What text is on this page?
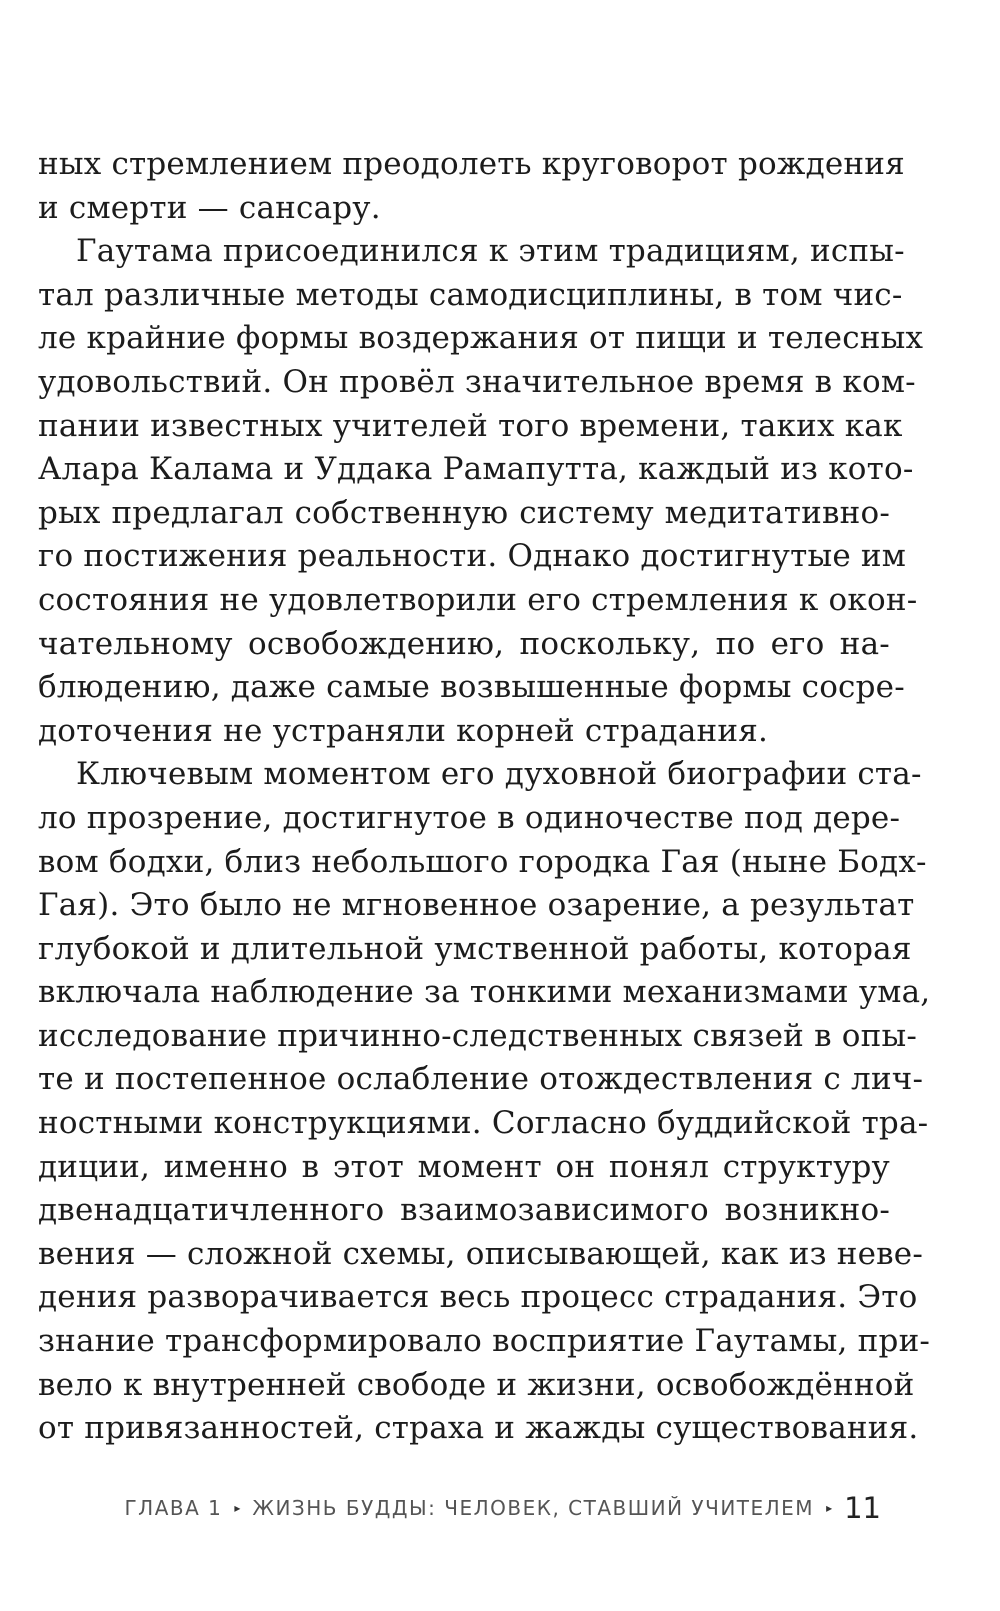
ных стремлением преодолеть круговорот рождения
и смерти — сансару.
Гаутама присоединился к этим традициям, испы-
тал различные методы самодисциплины, в том чис-
ле крайние формы воздержания от пищи и телесных
удовольствий. Он провёл значительное время в ком-
пании известных учителей того времени, таких как
Алара Калама и Уддака Рамапутта, каждый из кото-
рых предлагал собственную систему медитативно-
го постижения реальности. Однако достигнутые им
состояния не удовлетворили его стремления к окон-
чательному освобождению, поскольку, по его на-
блюдению, даже самые возвышенные формы сосре-
доточения не устраняли корней страдания.
Ключевым моментом его духовной биографии ста-
ло прозрение, достигнутое в одиночестве под дере-
вом бодхи, близ небольшого городка Гая (ныне Бодх-
Гая). Это было не мгновенное озарение, а результат
глубокой и длительной умственной работы, которая
включала наблюдение за тонкими механизмами ума,
исследование причинно-следственных связей в опы-
те и постепенное ослабление отождествления с лич-
ностными конструкциями. Согласно буддийской тра-
диции, именно в этот момент он понял структуру
двенадцатичленного взаимозависимого возникно-
вения — сложной схемы, описывающей, как из неве-
дения разворачивается весь процесс страдания. Это
знание трансформировало восприятие Гаутамы, при-
вело к внутренней свободе и жизни, освобождённой
от привязанностей, страха и жажды существования.
ГЛАВА 1 ▸ ЖИЗНЬ БУДДЫ: ЧЕЛОВЕК, СТАВШИЙ УЧИТЕЛЕМ ▸ 11
